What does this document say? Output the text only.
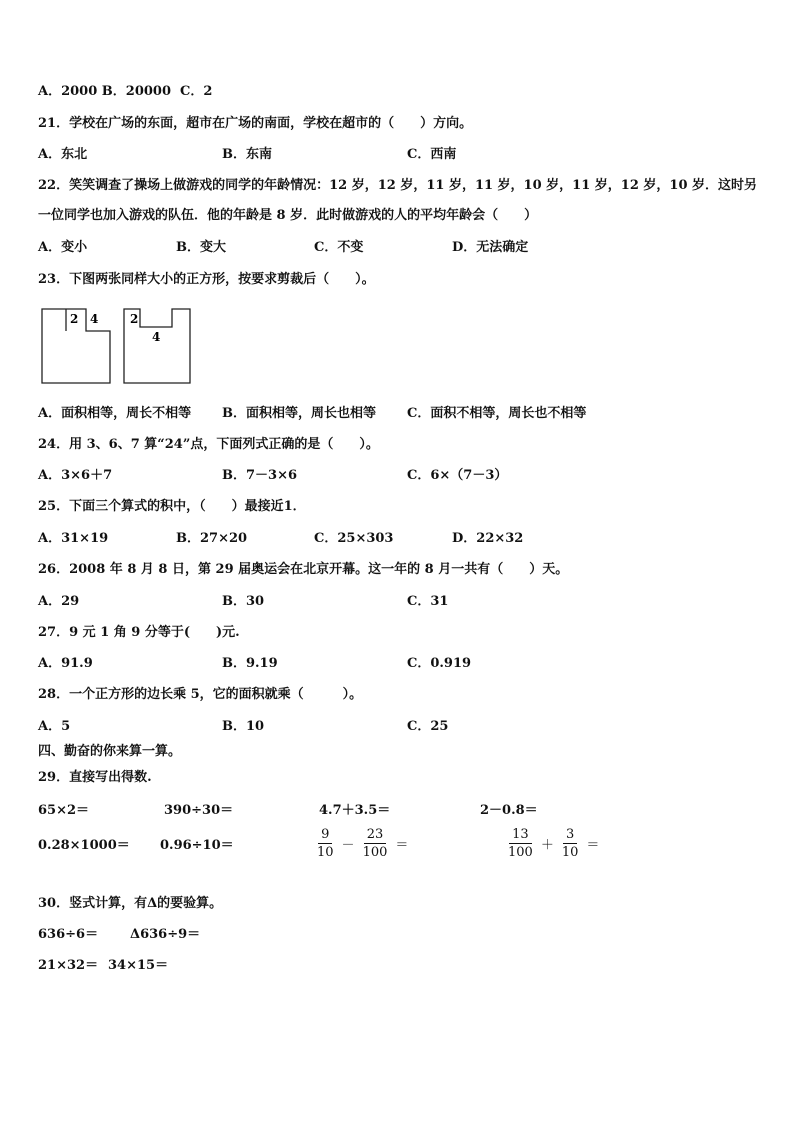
A．2000 B．20000 C．2
21．学校在广场的东面，超市在广场的南面，学校在超市的（　　）方向。
A．东北	B．东南	C．西南
22．笑笑调查了操场上做游戏的同学的年龄情况：12 岁，12 岁，11 岁，11 岁，10 岁，11 岁，12 岁，10 岁．这时另
一位同学也加入游戏的队伍．他的年龄是 8 岁．此时做游戏的人的平均年龄会（　　）
A．变小	B．变大	C．不变	D．无法确定
23．下图两张同样大小的正方形，按要求剪裁后（　　）。
2 4	2
4
A．面积相等，周长不相等 B．面积相等，周长也相等 C．面积不相等，周长也不相等
24．用 3、6、7 算“24”点，下面列式正确的是（　　）。
A．3×6＋7	B．7－3×6	C．6×（7－3）
25．下面三个算式的积中，（　　）最接近1．
A．31×19	B．27×20	C．25×303	D．22×32
26．2008 年 8 月 8 日，第 29 届奥运会在北京开幕。这一年的 8 月一共有（　　）天。
A．29	B．30	C．31
27．9 元 1 角 9 分等于(　　)元.
A．91.9	B．9.19	C．0.919
28．一个正方形的边长乘 5，它的面积就乘（　　　）。
A．5	B．10	C．25
四、勤奋的你来算一算。
29．直接写出得数.
65×2＝	390÷30＝	4.7＋3.5＝	2－0.8＝
0.28×1000＝ 0.96÷10＝	$\frac{9}{10} - \frac{23}{100}$ ＝	$\frac{13}{100} + \frac{3}{10}$ ＝
30．竖式计算，有Δ的要验算。
636÷6＝ Δ636÷9＝
21×32＝ 34×15＝
